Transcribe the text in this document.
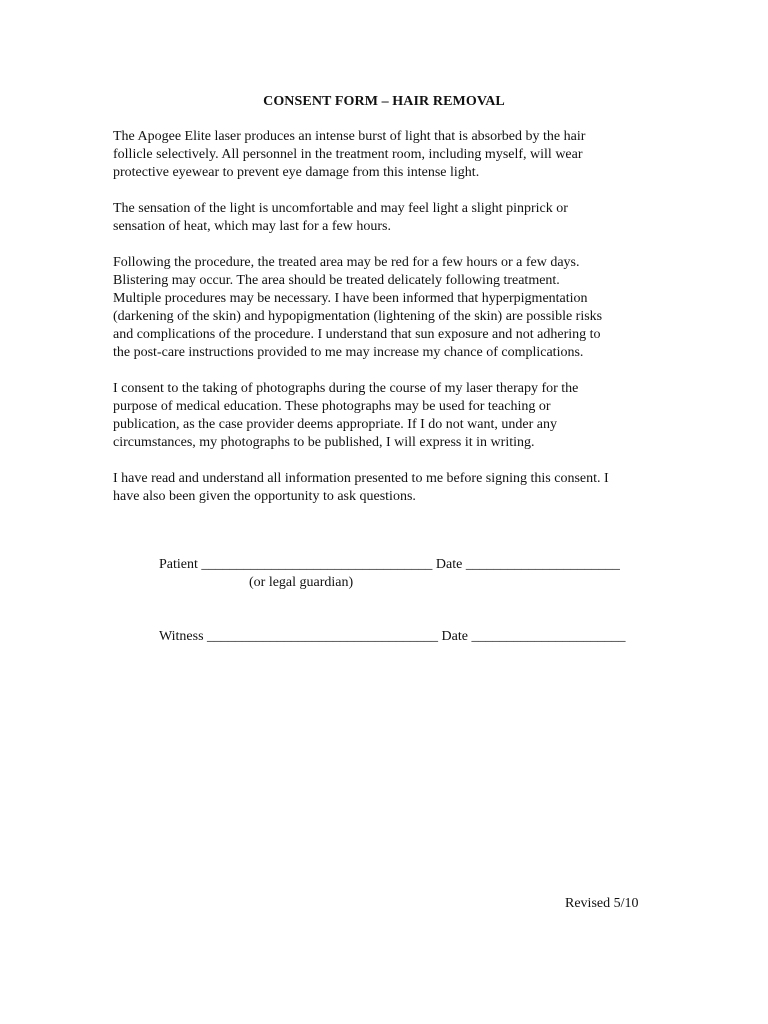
CONSENT FORM – HAIR REMOVAL

The Apogee Elite laser produces an intense burst of light that is absorbed by the hair
follicle selectively. All personnel in the treatment room, including myself, will wear
protective eyewear to prevent eye damage from this intense light.

The sensation of the light is uncomfortable and may feel light a slight pinprick or
sensation of heat, which may last for a few hours.

Following the procedure, the treated area may be red for a few hours or a few days.
Blistering may occur. The area should be treated delicately following treatment.
Multiple procedures may be necessary. I have been informed that hyperpigmentation
(darkening of the skin) and hypopigmentation (lightening of the skin) are possible risks
and complications of the procedure. I understand that sun exposure and not adhering to
the post-care instructions provided to me may increase my chance of complications.

I consent to the taking of photographs during the course of my laser therapy for the
purpose of medical education. These photographs may be used for teaching or
publication, as the case provider deems appropriate. If I do not want, under any
circumstances, my photographs to be published, I will express it in writing.

I have read and understand all information presented to me before signing this consent. I
have also been given the opportunity to ask questions.

Patient _________________________________ Date ______________________
(or legal guardian)
Witness _________________________________ Date ______________________
Revised 5/10
